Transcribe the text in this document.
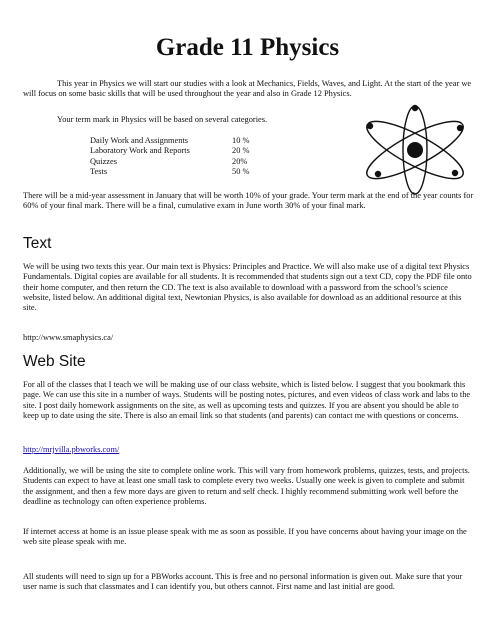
Grade 11 Physics

This year in Physics we will start our studies with a look at Mechanics, Fields, Waves, and Light. At the start of the year we will focus on some basic skills that will be used throughout the year and also in Grade 12 Physics.

Your term mark in Physics will be based on several categories.

Daily Work and Assignments	10 %
Laboratory Work and Reports	20 %
Quizzes	20%
Tests	50 %

There will be a mid-year assessment in January that will be worth 10% of your grade. Your term mark at the end of the year counts for 60% of your final mark. There will be a final, cumulative exam in June worth 30% of your final mark.

Text

We will be using two texts this year. Our main text is Physics: Principles and Practice. We will also make use of a digital text Physics Fundamentals. Digital copies are available for all students. It is recommended that students sign out a text CD, copy the PDF file onto their home computer, and then return the CD. The text is also available to download with a password from the school’s science website, listed below. An additional digital text, Newtonian Physics, is also available for download as an additional resource at this site.

http://www.smaphysics.ca/

Web Site

For all of the classes that I teach we will be making use of our class website, which is listed below. I suggest that you bookmark this page. We can use this site in a number of ways. Students will be posting notes, pictures, and even videos of class work and labs to the site. I post daily homework assignments on the site, as well as upcoming tests and quizzes. If you are absent you should be able to keep up to date using the site. There is also an email link so that students (and parents) can contact me with questions or concerns.

http://mrjvilla.pbworks.com/

Additionally, we will be using the site to complete online work. This will vary from homework problems, quizzes, tests, and projects. Students can expect to have at least one small task to complete every two weeks. Usually one week is given to complete and submit the assignment, and then a few more days are given to return and self check. I highly recommend submitting work well before the deadline as technology can often experience problems.

If internet access at home is an issue please speak with me as soon as possible. If you have concerns about having your image on the web site please speak with me.

All students will need to sign up for a PBWorks account. This is free and no personal information is given out. Make sure that your user name is such that classmates and I can identify you, but others cannot. First name and last initial are good.
